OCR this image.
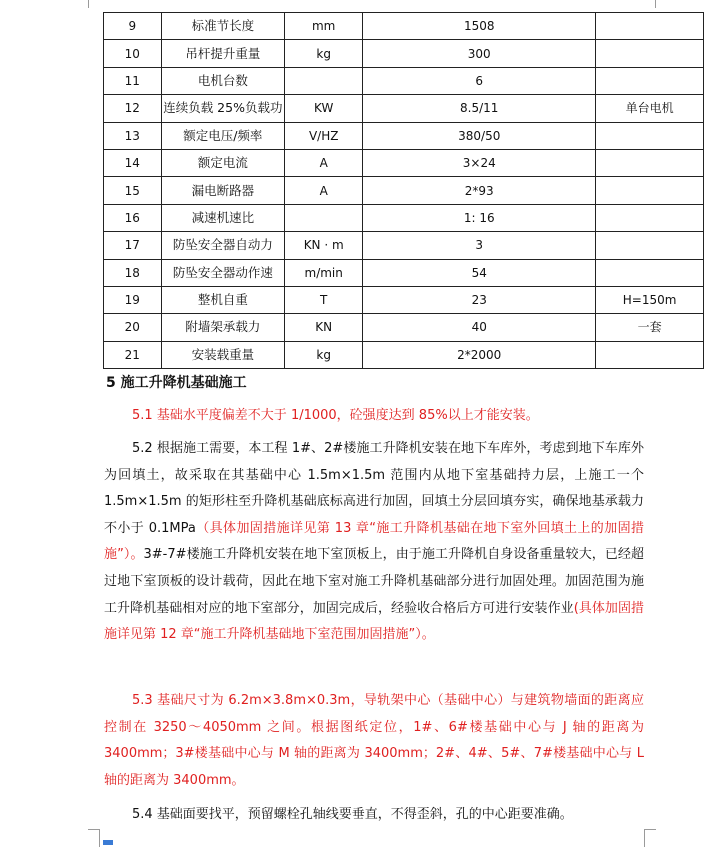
9	标准节长度	mm	1508	
10	吊杆提升重量	kg	300	
11	电机台数		6	
12	连续负载 25%负载功	KW	8.5/11	单台电机
13	额定电压/频率	V/HZ	380/50	
14	额定电流	A	3×24	
15	漏电断路器	A	2*93	
16	减速机速比		1: 16	
17	防坠安全器自动力	KN · m	3	
18	防坠安全器动作速	m/min	54	
19	整机自重	T	23	H=150m
20	附墙架承载力	KN	40	一套
21	安装载重量	kg	2*2000	
5 施工升降机基础施工
5.1 基础水平度偏差不大于 1/1000，砼强度达到 85%以上才能安装。
5.2 根据施工需要，本工程 1#、2#楼施工升降机安装在地下车库外，考虑到地下车库外为回填土，故采取在其基础中心 1.5m×1.5m 范围内从地下室基础持力层，上施工一个 1.5m×1.5m 的矩形柱至升降机基础底标高进行加固，回填土分层回填夯实，确保地基承载力不小于 0.1MPa（具体加固措施详见第 13 章“施工升降机基础在地下室外回填土上的加固措施”）。3#-7#楼施工升降机安装在地下室顶板上，由于施工升降机自身设备重量较大，已经超过地下室顶板的设计载荷，因此在地下室对施工升降机基础部分进行加固处理。加固范围为施工升降机基础相对应的地下室部分，加固完成后，经验收合格后方可进行安装作业(具体加固措施详见第 12 章“施工升降机基础地下室范围加固措施”）。
5.3 基础尺寸为 6.2m×3.8m×0.3m，导轨架中心（基础中心）与建筑物墙面的距离应控制在 3250～4050mm 之间。根据图纸定位，1#、6#楼基础中心与 J 轴的距离为 3400mm；3#楼基础中心与 M 轴的距离为 3400mm；2#、4#、5#、7#楼基础中心与 L 轴的距离为 3400mm。
5.4 基础面要找平，预留螺栓孔轴线要垂直，不得歪斜，孔的中心距要准确。
